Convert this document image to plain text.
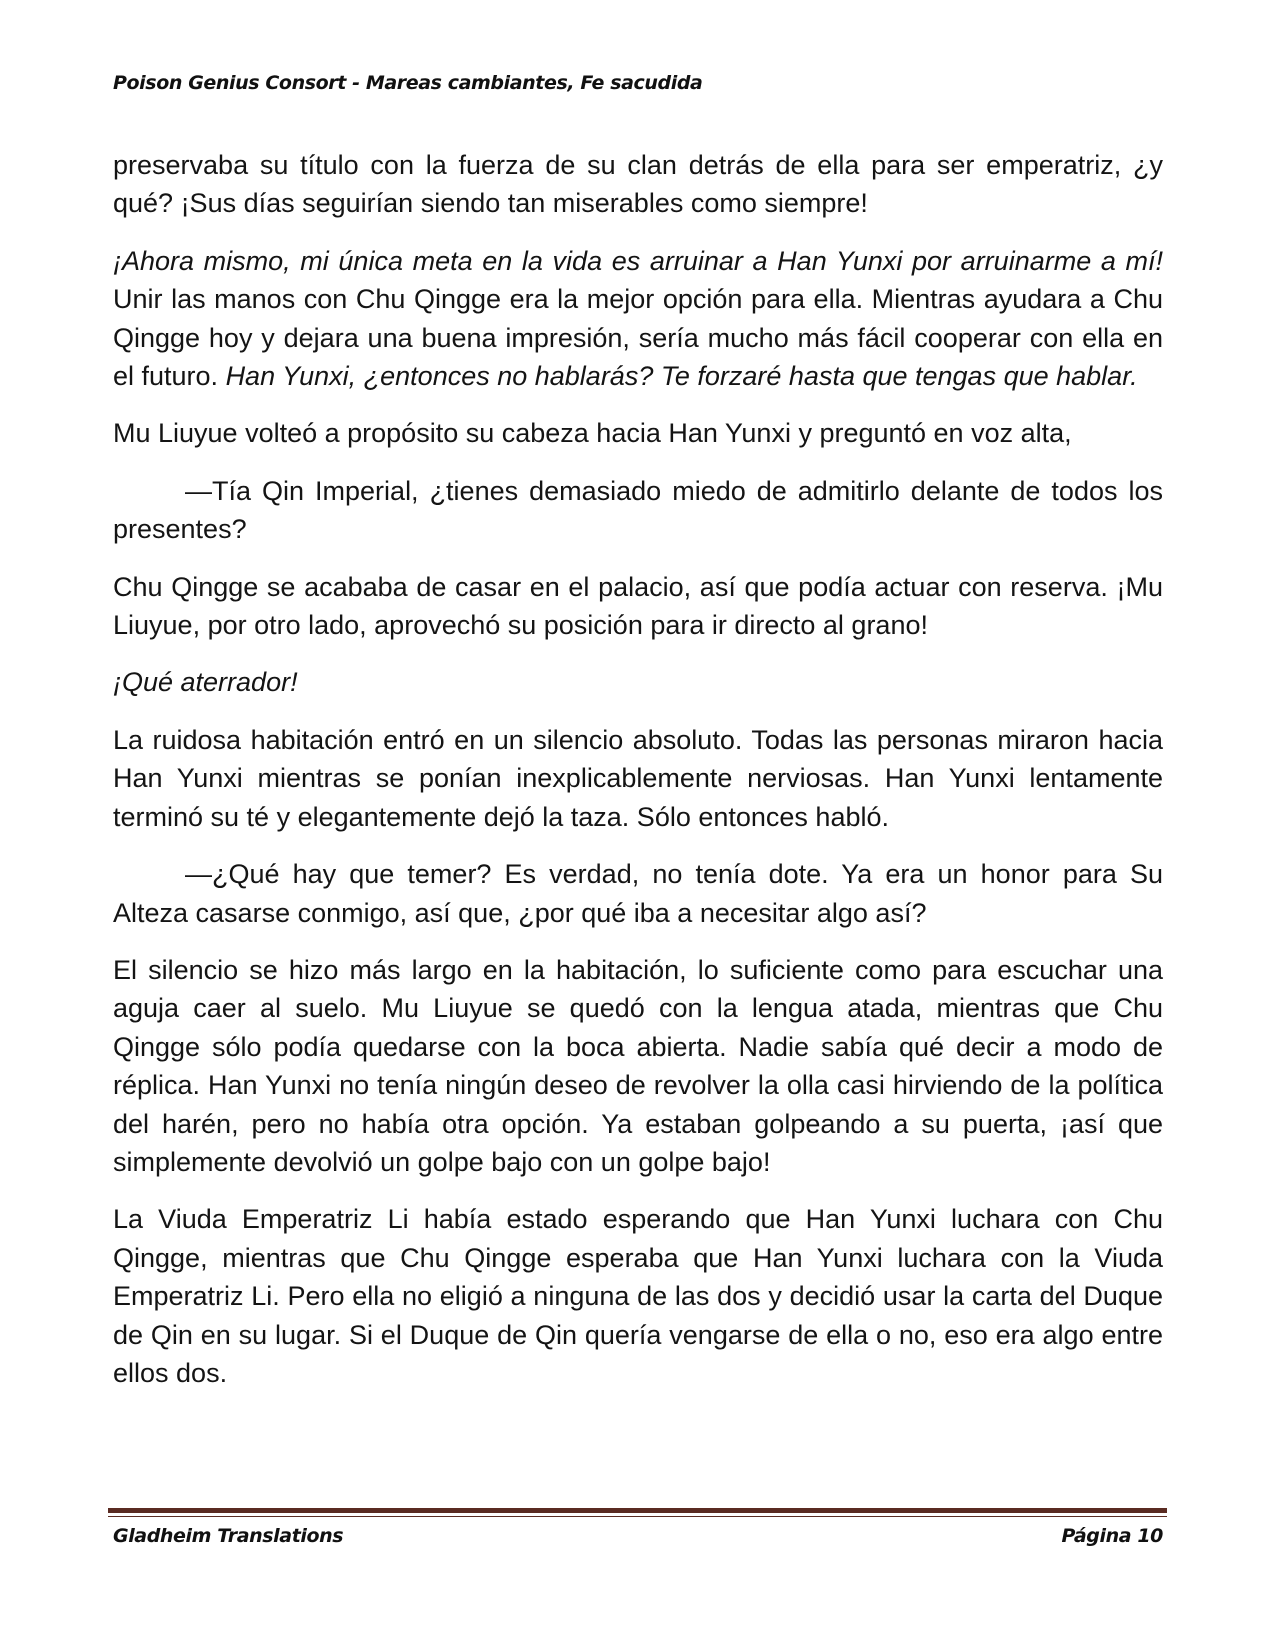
Poison Genius Consort - Mareas cambiantes, Fe sacudida

preservaba su título con la fuerza de su clan detrás de ella para ser emperatriz, ¿y qué? ¡Sus días seguirían siendo tan miserables como siempre!

¡Ahora mismo, mi única meta en la vida es arruinar a Han Yunxi por arruinarme a mí! Unir las manos con Chu Qingge era la mejor opción para ella. Mientras ayudara a Chu Qingge hoy y dejara una buena impresión, sería mucho más fácil cooperar con ella en el futuro. Han Yunxi, ¿entonces no hablarás? Te forzaré hasta que tengas que hablar.

Mu Liuyue volteó a propósito su cabeza hacia Han Yunxi y preguntó en voz alta,

—Tía Qin Imperial, ¿tienes demasiado miedo de admitirlo delante de todos los presentes?

Chu Qingge se acababa de casar en el palacio, así que podía actuar con reserva. ¡Mu Liuyue, por otro lado, aprovechó su posición para ir directo al grano!

¡Qué aterrador!

La ruidosa habitación entró en un silencio absoluto. Todas las personas miraron hacia Han Yunxi mientras se ponían inexplicablemente nerviosas. Han Yunxi lentamente terminó su té y elegantemente dejó la taza. Sólo entonces habló.

—¿Qué hay que temer? Es verdad, no tenía dote. Ya era un honor para Su Alteza casarse conmigo, así que, ¿por qué iba a necesitar algo así?

El silencio se hizo más largo en la habitación, lo suficiente como para escuchar una aguja caer al suelo. Mu Liuyue se quedó con la lengua atada, mientras que Chu Qingge sólo podía quedarse con la boca abierta. Nadie sabía qué decir a modo de réplica. Han Yunxi no tenía ningún deseo de revolver la olla casi hirviendo de la política del harén, pero no había otra opción. Ya estaban golpeando a su puerta, ¡así que simplemente devolvió un golpe bajo con un golpe bajo!

La Viuda Emperatriz Li había estado esperando que Han Yunxi luchara con Chu Qingge, mientras que Chu Qingge esperaba que Han Yunxi luchara con la Viuda Emperatriz Li. Pero ella no eligió a ninguna de las dos y decidió usar la carta del Duque de Qin en su lugar. Si el Duque de Qin quería vengarse de ella o no, eso era algo entre ellos dos.

Gladheim Translations	Página 10
